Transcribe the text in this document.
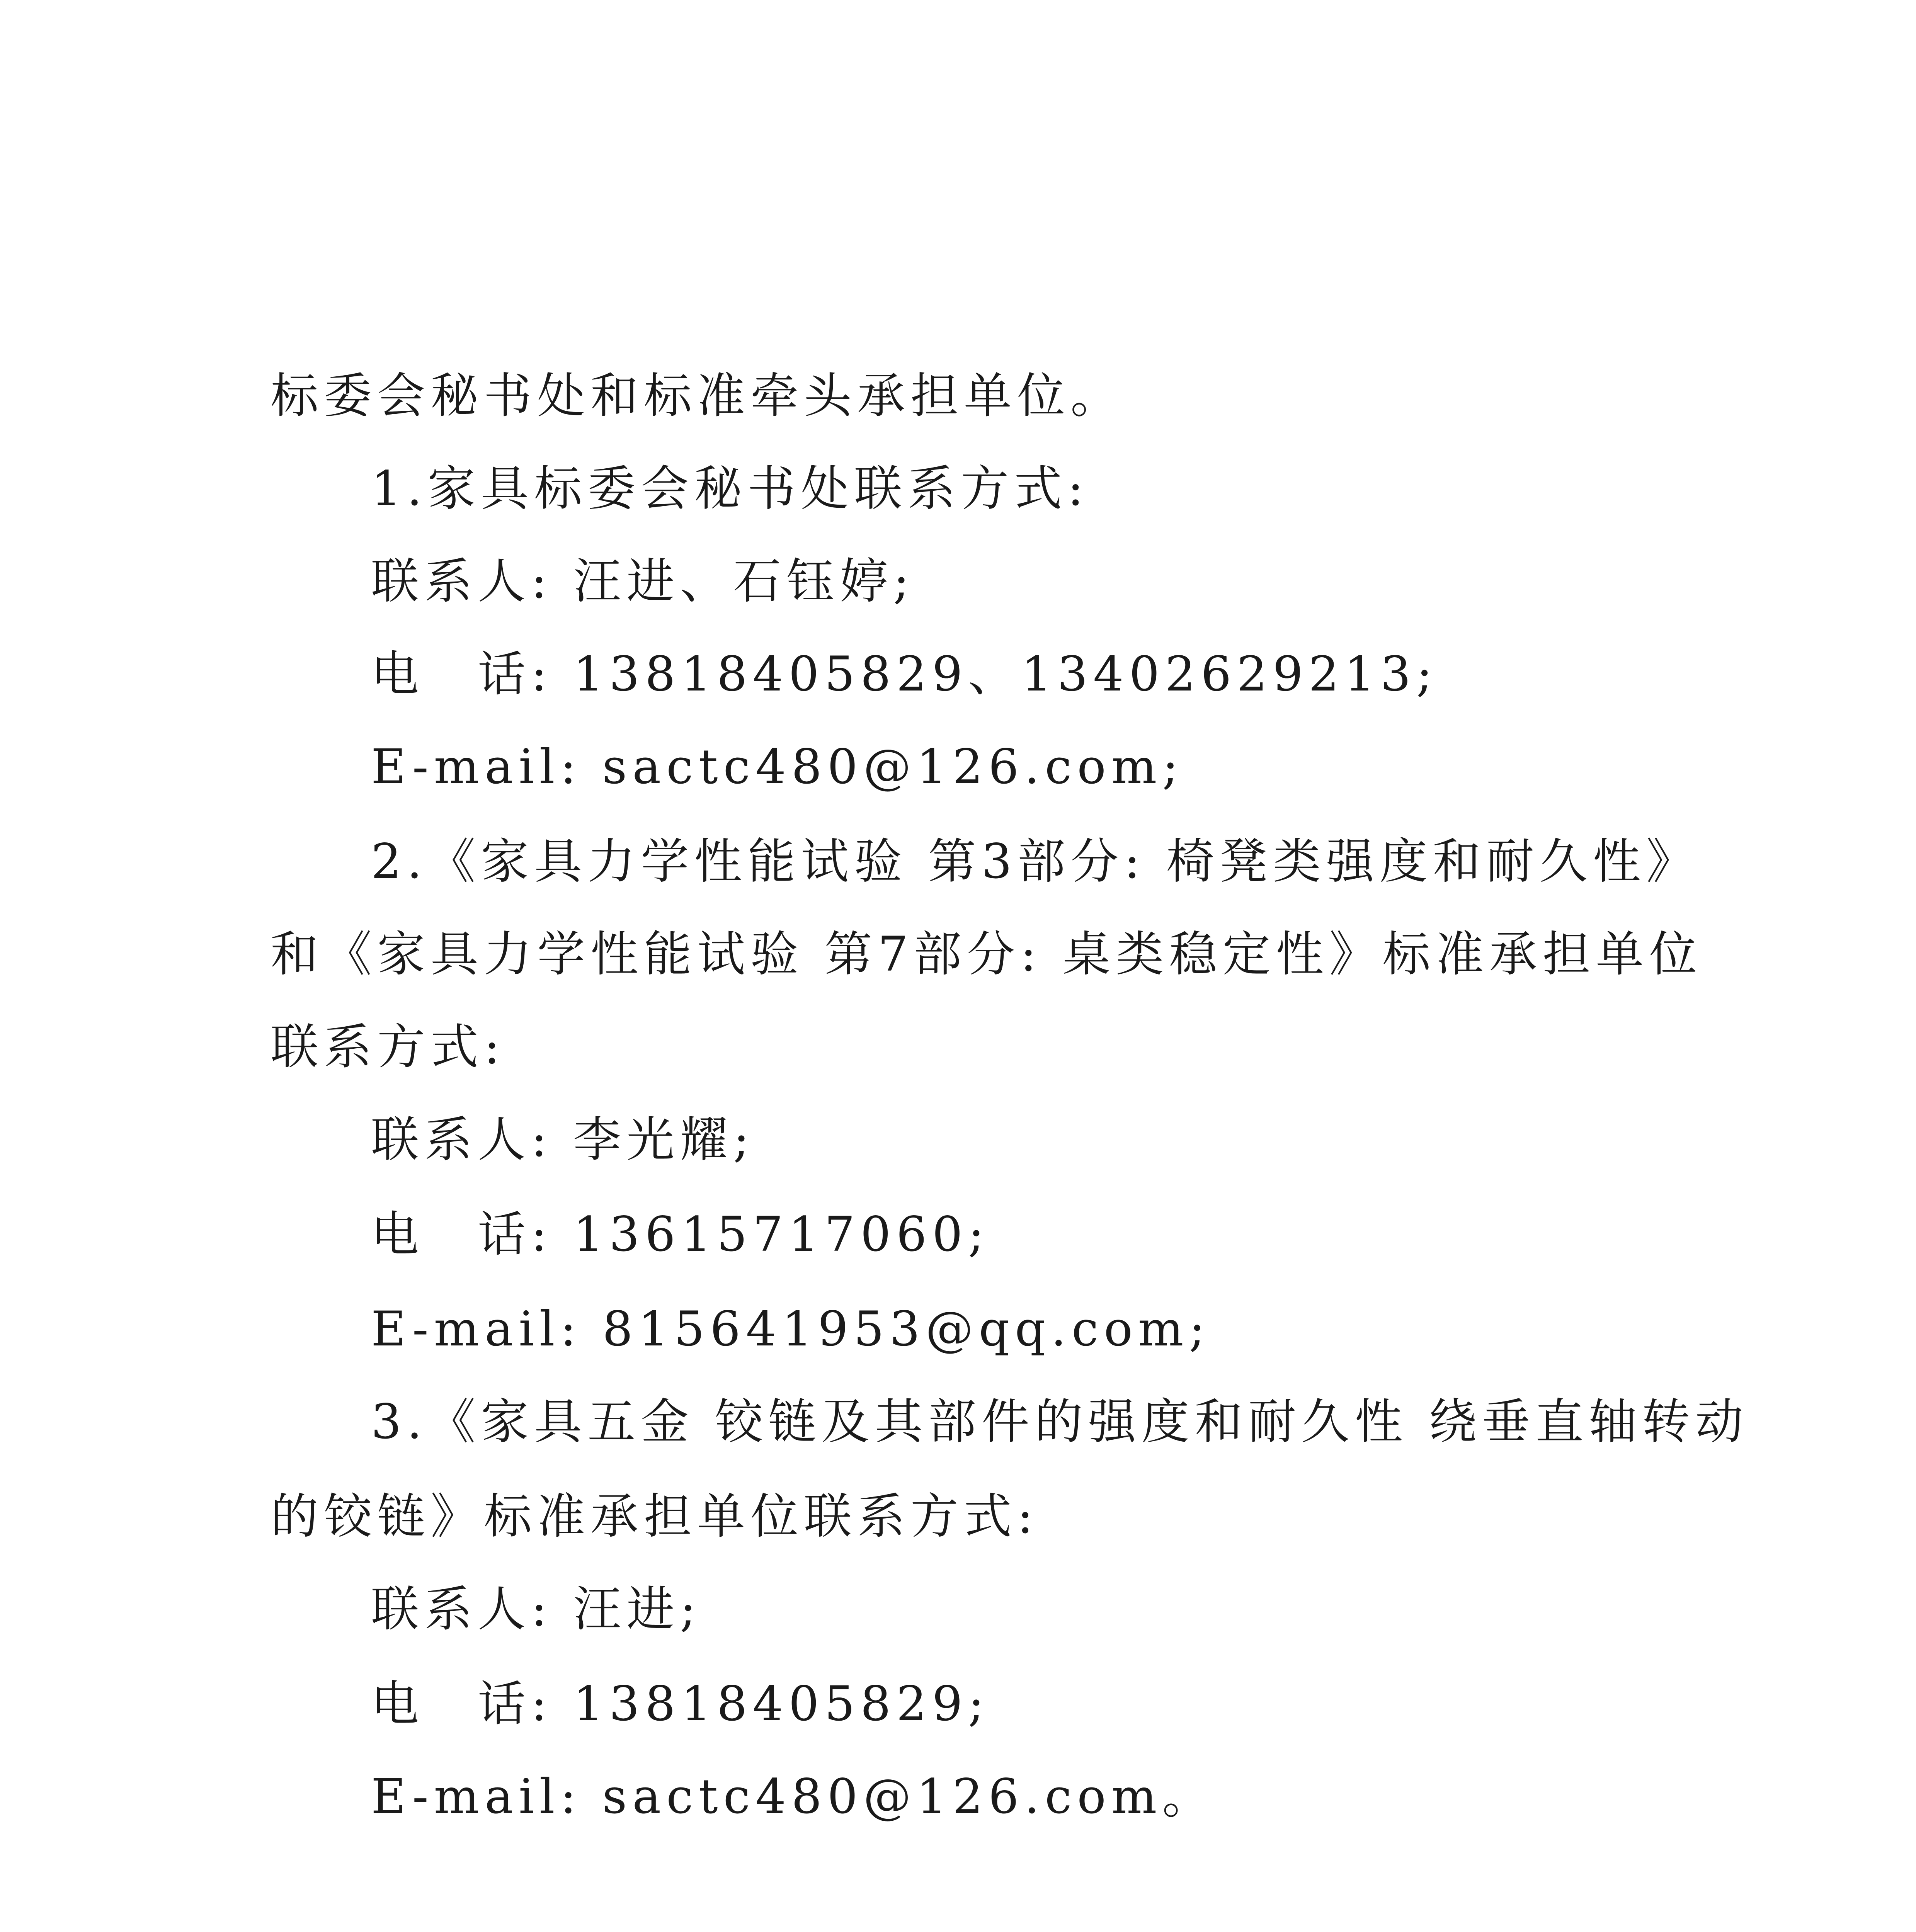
标委会秘书处和标准牵头承担单位。
1.家具标委会秘书处联系方式:
联系人: 汪进、石钰婷;
电　话: 13818405829、13402629213;
E-mail: sactc480@126.com;
2.《家具力学性能试验 第3部分: 椅凳类强度和耐久性》
和《家具力学性能试验 第7部分: 桌类稳定性》标准承担单位
联系方式:
联系人: 李光耀;
电　话: 13615717060;
E-mail: 815641953@qq.com;
3.《家具五金 铰链及其部件的强度和耐久性 绕垂直轴转动
的铰链》标准承担单位联系方式:
联系人: 汪进;
电　话: 13818405829;
E-mail: sactc480@126.com。
